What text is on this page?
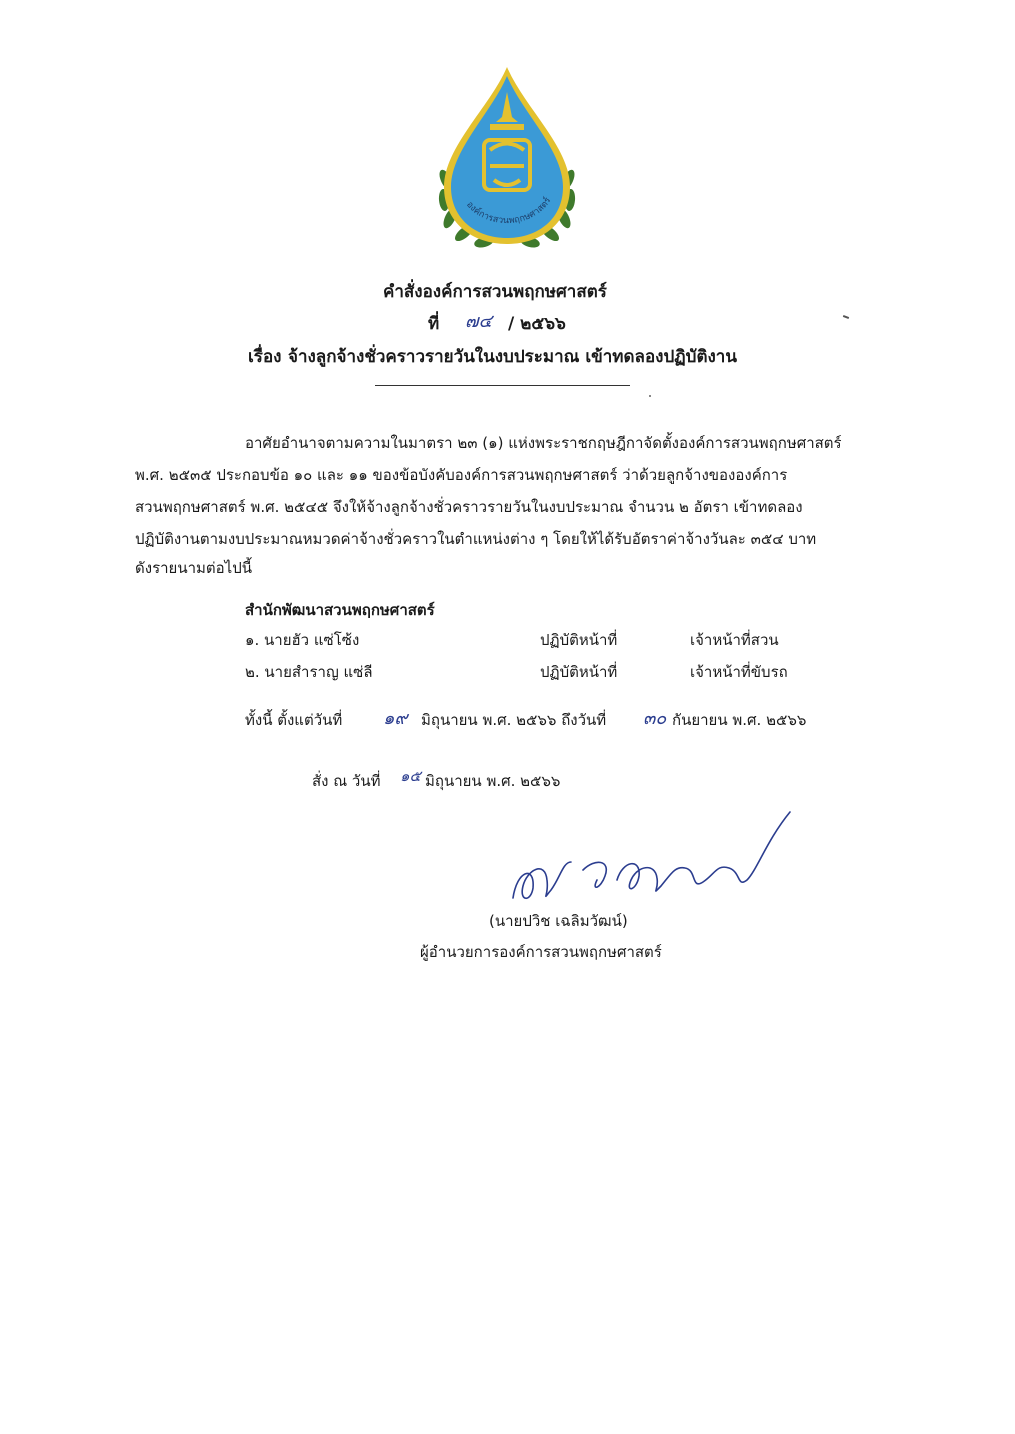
องค์การสวนพฤกษศาสตร์
คำสั่งองค์การสวนพฤกษศาสตร์
ที่ ๗๔ / ๒๕๖๖
เรื่อง จ้างลูกจ้างชั่วคราวรายวันในงบประมาณ เข้าทดลองปฏิบัติงาน
อาศัยอำนาจตามความในมาตรา ๒๓ (๑) แห่งพระราชกฤษฎีกาจัดตั้งองค์การสวนพฤกษศาสตร์
พ.ศ. ๒๕๓๕ ประกอบข้อ ๑๐ และ ๑๑ ของข้อบังคับองค์การสวนพฤกษศาสตร์ ว่าด้วยลูกจ้างขององค์การ
สวนพฤกษศาสตร์ พ.ศ. ๒๕๔๕ จึงให้จ้างลูกจ้างชั่วคราวรายวันในงบประมาณ จำนวน ๒ อัตรา เข้าทดลอง
ปฏิบัติงานตามงบประมาณหมวดค่าจ้างชั่วคราวในตำแหน่งต่าง ๆ โดยให้ได้รับอัตราค่าจ้างวันละ ๓๕๔ บาท
ดังรายนามต่อไปนี้
สำนักพัฒนาสวนพฤกษศาสตร์
๑. นายฮัว แซ่โซ้ง	ปฏิบัติหน้าที่	เจ้าหน้าที่สวน
๒. นายสำราญ แซ่ลี	ปฏิบัติหน้าที่	เจ้าหน้าที่ขับรถ
ทั้งนี้ ตั้งแต่วันที่ ๑๙ มิถุนายน พ.ศ. ๒๕๖๖ ถึงวันที่ ๓๐ กันยายน พ.ศ. ๒๕๖๖
สั่ง ณ วันที่ ๑๕ มิถุนายน พ.ศ. ๒๕๖๖
(นายปวิช เฉลิมวัฒน์)
ผู้อำนวยการองค์การสวนพฤกษศาสตร์
